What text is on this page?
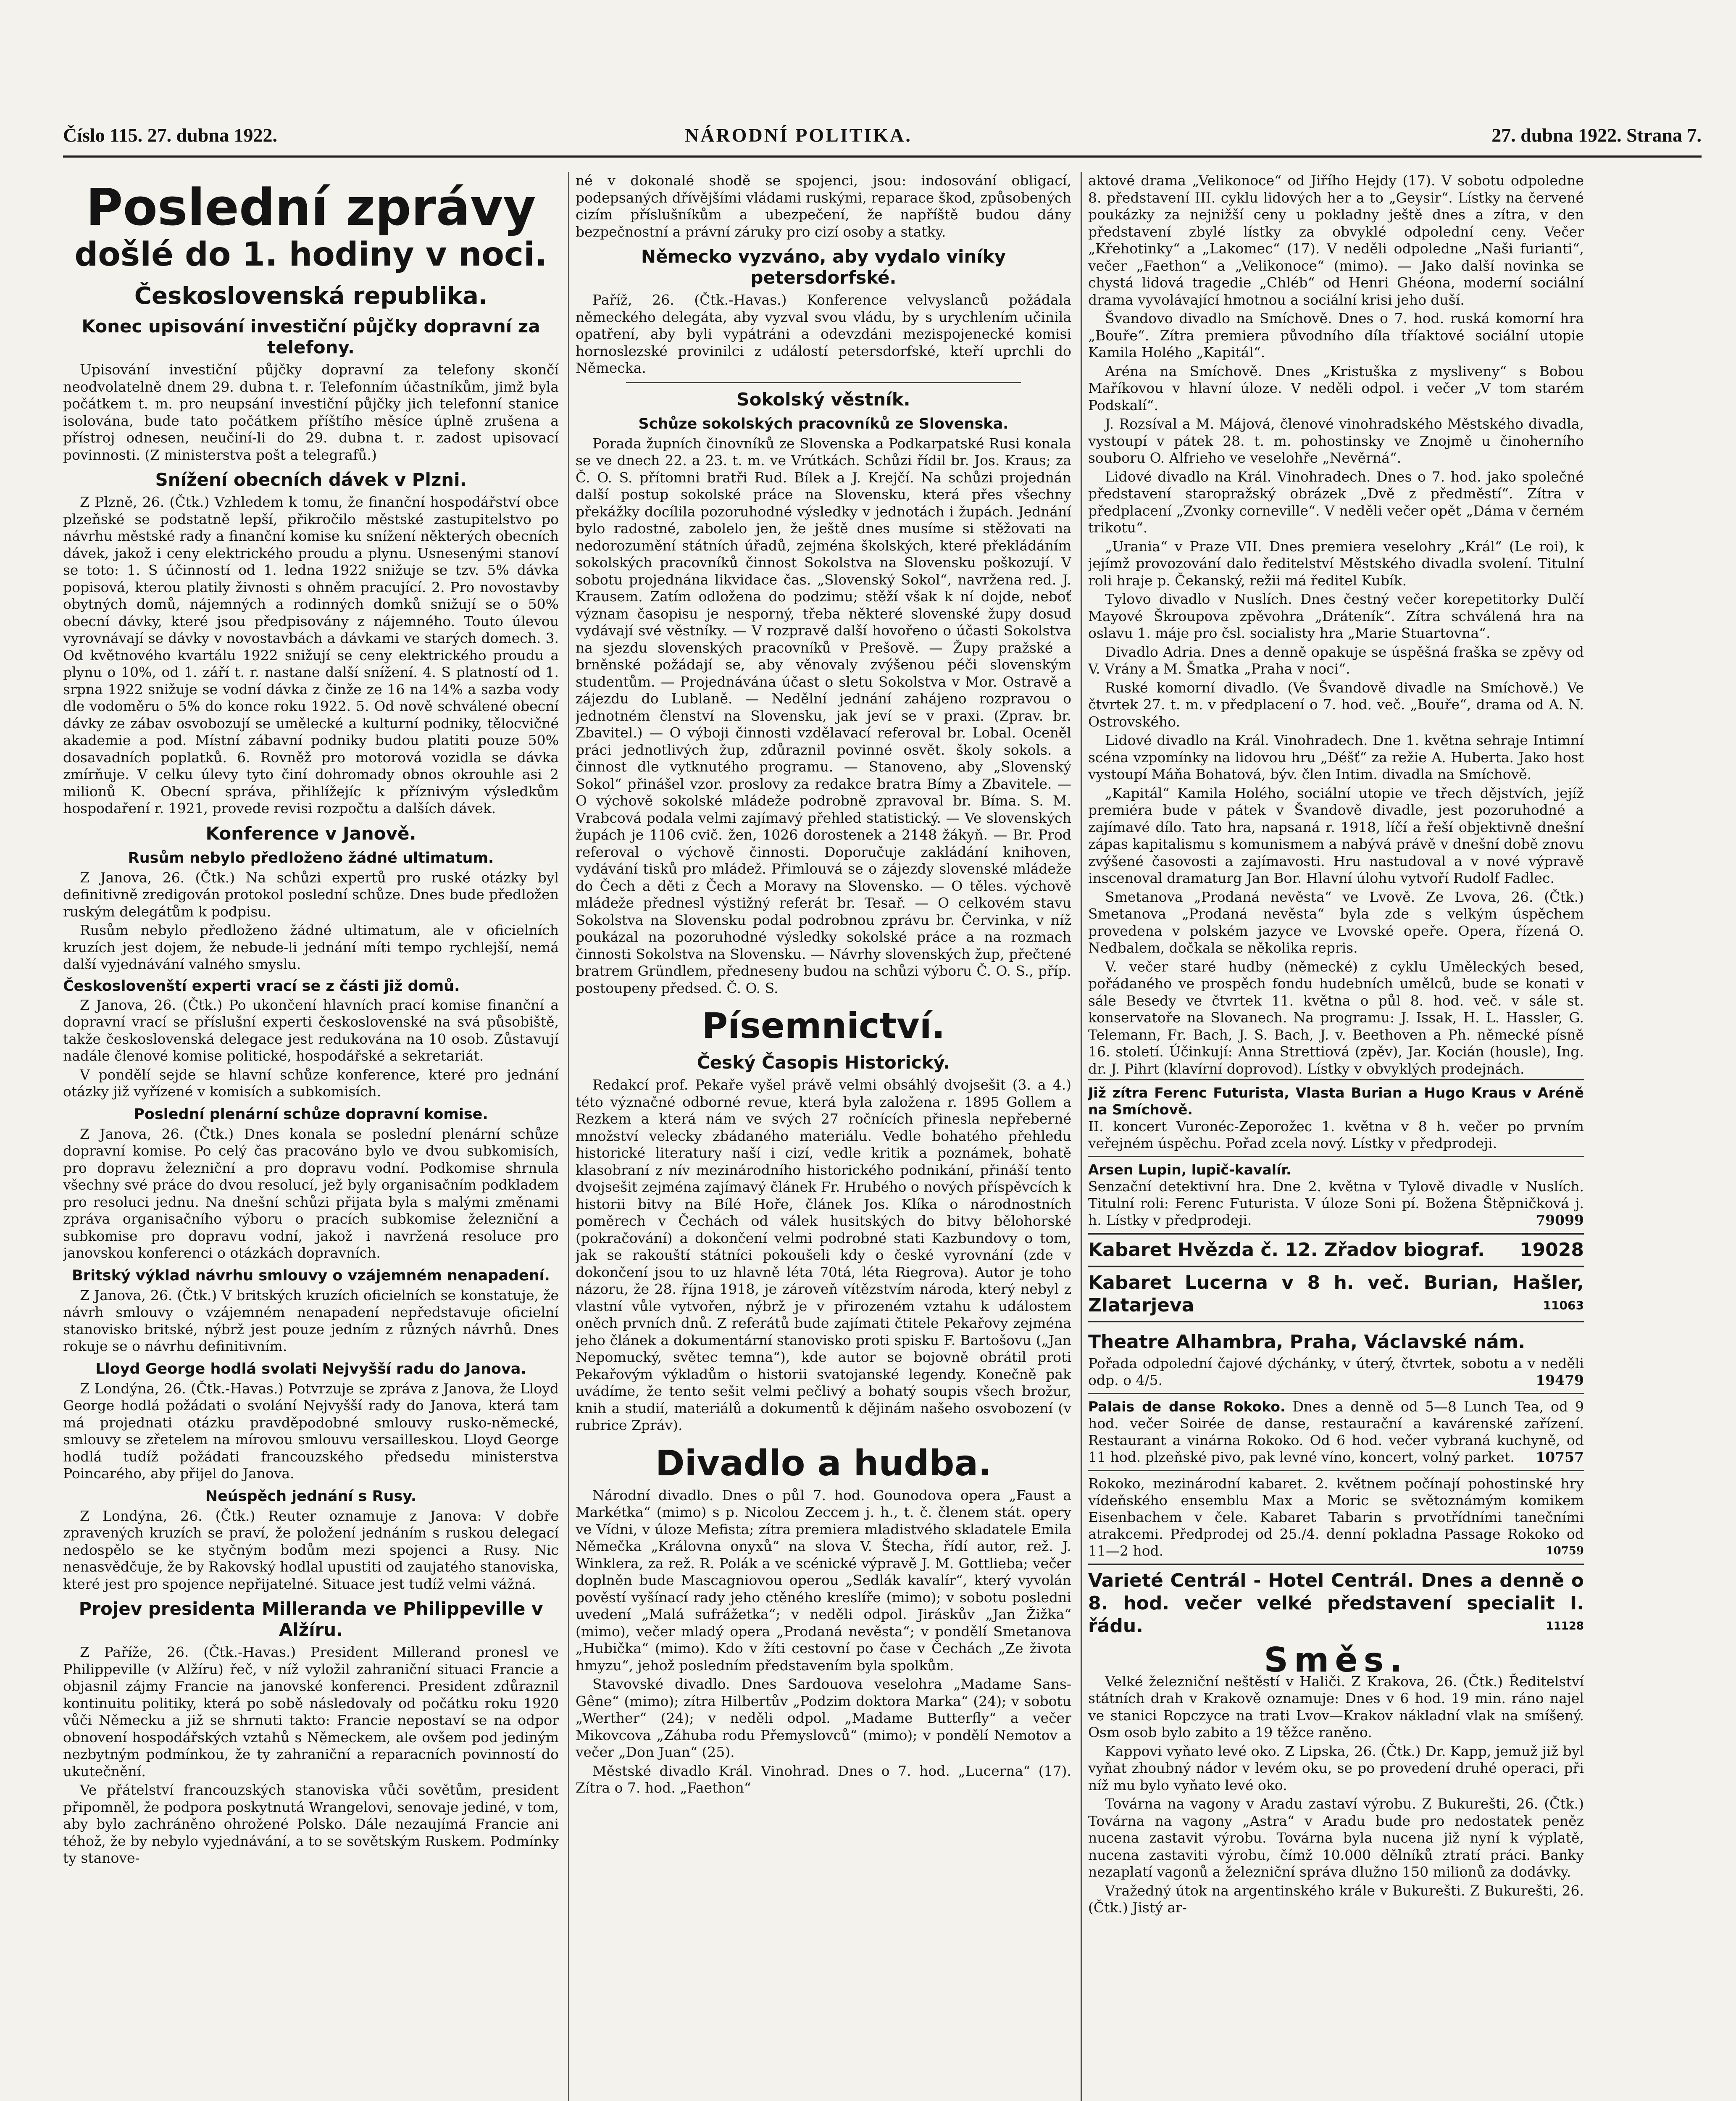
Číslo 115. 27. dubna 1922.	NÁRODNÍ POLITIKA.	27. dubna 1922. Strana 7.
Poslední zprávy
došlé do 1. hodiny v noci.
Československá republika.
Konec upisování investiční půjčky dopravní za telefony.

Upisování investiční půjčky dopravní za telefony skončí neodvolatelně dnem 29. dubna t. r. Telefonním účastníkům, jimž byla počátkem t. m. pro neupsání investiční půjčky jich telefonní stanice isolována, bude tato počátkem příštího měsíce úplně zrušena a přístroj odnesen, neučiní-li do 29. dubna t. r. zadost upisovací povinnosti. (Z ministerstva pošt a telegrafů.)

Snížení obecních dávek v Plzni.

Z Plzně, 26. (Čtk.) Vzhledem k tomu, že finanční hospodářství obce plzeňské se podstatně lepší, přikročilo městské zastupitelstvo po návrhu městské rady a finanční komise ku snížení některých obecních dávek, jakož i ceny elektrického proudu a plynu. Usnesenými stanoví se toto: 1. S účinností od 1. ledna 1922 snižuje se tzv. 5% dávka popisová, kterou platily živnosti s ohněm pracující. 2. Pro novostavby obytných domů, nájemných a rodinných domků snižují se o 50% obecní dávky, které jsou předpisovány z nájemného. Touto úlevou vyrovnávají se dávky v novostavbách a dávkami ve starých domech. 3. Od květnového kvartálu 1922 snižují se ceny elektrického proudu a plynu o 10%, od 1. září t. r. nastane další snížení. 4. S platností od 1. srpna 1922 snižuje se vodní dávka z činže ze 16 na 14% a sazba vody dle vodoměru o 5% do konce roku 1922. 5. Od nově schválené obecní dávky ze zábav osvobozují se umělecké a kulturní podniky, tělocvičné akademie a pod. Místní zábavní podniky budou platiti pouze 50% dosavadních poplatků. 6. Rovněž pro motorová vozidla se dávka zmírňuje. V celku úlevy tyto činí dohromady obnos okrouhle asi 2 milionů K. Obecní správa, přihlížejíc k příznivým výsledkům hospodaření r. 1921, provede revisi rozpočtu a dalších dávek.

Konference v Janově.
Rusům nebylo předloženo žádné ultimatum.

Z Janova, 26. (Čtk.) Na schůzi expertů pro ruské otázky byl definitivně zredigován protokol poslední schůze. Dnes bude předložen ruským delegátům k podpisu.

Rusům nebylo předloženo žádné ultimatum, ale v oficielních kruzích jest dojem, že nebude-li jednání míti tempo rychlejší, nemá další vyjednávání valného smyslu.

Českoslovenští experti vrací se z části již domů.

Z Janova, 26. (Čtk.) Po ukončení hlavních prací komise finanční a dopravní vrací se příslušní experti československé na svá působiště, takže československá delegace jest redukována na 10 osob. Zůstavují nadále členové komise politické, hospodářské a sekretariát.

V pondělí sejde se hlavní schůze konference, které pro jednání otázky již vyřízené v komisích a subkomisích.

Poslední plenární schůze dopravní komise.

Z Janova, 26. (Čtk.) Dnes konala se poslední plenární schůze dopravní komise. Po celý čas pracováno bylo ve dvou subkomisích, pro dopravu železniční a pro dopravu vodní. Podkomise shrnula všechny své práce do dvou resolucí, jež byly organisačním podkladem pro resoluci jednu. Na dnešní schůzi přijata byla s malými změnami zpráva organisačního výboru o pracích subkomise železniční a subkomise pro dopravu vodní, jakož i navržená resoluce pro janovskou konferenci o otázkách dopravních.

Britský výklad návrhu smlouvy o vzájemném nenapadení.

Z Janova, 26. (Čtk.) V britských kruzích oficielních se konstatuje, že návrh smlouvy o vzájemném nenapadení nepředstavuje oficielní stanovisko britské, nýbrž jest pouze jedním z různých návrhů. Dnes rokuje se o návrhu definitivním.

Lloyd George hodlá svolati Nejvyšší radu do Janova.

Z Londýna, 26. (Čtk.-Havas.) Potvrzuje se zpráva z Janova, že Lloyd George hodlá požádati o svolání Nejvyšší rady do Janova, která tam má projednati otázku pravděpodobné smlouvy rusko-německé, smlouvy se zřetelem na mírovou smlouvu versailleskou. Lloyd George hodlá tudíž požádati francouzského předsedu ministerstva Poincarého, aby přijel do Janova.

Neúspěch jednání s Rusy.

Z Londýna, 26. (Čtk.) Reuter oznamuje z Janova: V dobře zpravených kruzích se praví, že položení jednáním s ruskou delegací nedospělo se ke styčným bodům mezi spojenci a Rusy. Nic nenasvědčuje, že by Rakovský hodlal upustiti od zaujatého stanoviska, které jest pro spojence nepřijatelné. Situace jest tudíž velmi vážná.

Projev presidenta Milleranda ve Philippeville v Alžíru.

Z Paříže, 26. (Čtk.-Havas.) President Millerand pronesl ve Philippeville (v Alžíru) řeč, v níž vyložil zahraniční situaci Francie a objasnil zájmy Francie na janovské konferenci. President zdůraznil kontinuitu politiky, která po sobě následovaly od počátku roku 1920 vůči Německu a již se shrnuti takto: Francie nepostaví se na odpor obnovení hospodářských vztahů s Německem, ale ovšem pod jediným nezbytným podmínkou, že ty zahraniční a reparacních povinností do ukutečnění.

Ve přátelství francouzských stanoviska vůči sovětům, president připomněl, že podpora poskytnutá Wrangelovi, senovaje jediné, v tom, aby bylo zachráněno ohrožené Polsko. Dále nezaujímá Francie ani téhož, že by nebylo vyjednávání, a to se sovětským Ruskem. Podmínky ty stanove-

né v dokonalé shodě se spojenci, jsou: indosování obligací, podepsaných dřívějšími vládami ruskými, reparace škod, způsobených cizím příslušníkům a ubezpečení, že napříště budou dány bezpečnostní a právní záruky pro cizí osoby a statky.

Německo vyzváno, aby vydalo viníky petersdorfské.

Paříž, 26. (Čtk.-Havas.) Konference velvyslanců požádala německého delegáta, aby vyzval svou vládu, by s urychlením učinila opatření, aby byli vypátráni a odevzdáni mezispojenecké komisi hornoslezské provinilci z událostí petersdorfské, kteří uprchli do Německa.

Sokolský věstník.
Schůze sokolských pracovníků ze Slovenska.

Porada župních činovníků ze Slovenska a Podkarpatské Rusi konala se ve dnech 22. a 23. t. m. ve Vrútkách. Schůzi řídil br. Jos. Kraus; za Č. O. S. přítomni bratři Rud. Bílek a J. Krejčí. Na schůzi projednán další postup sokolské práce na Slovensku, která přes všechny překážky docílila pozoruhodné výsledky v jednotách i župách. Jednání bylo radostné, zabolelo jen, že ještě dnes musíme si stěžovati na nedorozumění státních úřadů, zejména školských, které překládáním sokolských pracovníků činnost Sokolstva na Slovensku poškozují. V sobotu projednána likvidace čas. „Slovenský Sokol“, navržena red. J. Krausem. Zatím odložena do podzimu; stěží však k ní dojde, neboť význam časopisu je nesporný, třeba některé slovenské župy dosud vydávají své věstníky. — V rozpravě další hovořeno o účasti Sokolstva na sjezdu slovenských pracovníků v Prešově. — Župy pražské a brněnské požádají se, aby věnovaly zvýšenou péči slovenským studentům. — Projednávána účast o sletu Sokolstva v Mor. Ostravě a zájezdu do Lublaně. — Nedělní jednání zahájeno rozpravou o jednotném členství na Slovensku, jak jeví se v praxi. (Zprav. br. Zbavitel.) — O výboji činnosti vzdělavací referoval br. Lobal. Oceněl práci jednotlivých žup, zdůraznil povinné osvět. školy sokols. a činnost dle vytknutého programu. — Stanoveno, aby „Slovenský Sokol“ přinášel vzor. proslovy za redakce bratra Bímy a Zbavitele. — O výchově sokolské mládeže podrobně zpravoval br. Bíma. S. M. Vrabcová podala velmi zajímavý přehled statistický. — Ve slovenských župách je 1106 cvič. žen, 1026 dorostenek a 2148 žákyň. — Br. Prod referoval o výchově činnosti. Doporučuje zakládání knihoven, vydávání tisků pro mládež. Přimlouvá se o zájezdy slovenské mládeže do Čech a děti z Čech a Moravy na Slovensko. — O těles. výchově mládeže přednesl výstižný referát br. Tesař. — O celkovém stavu Sokolstva na Slovensku podal podrobnou zprávu br. Červinka, v níž poukázal na pozoruhodné výsledky sokolské práce a na rozmach činnosti Sokolstva na Slovensku. — Návrhy slovenských žup, přečtené bratrem Gründlem, předneseny budou na schůzi výboru Č. O. S., příp. postoupeny předsed. Č. O. S.

Písemnictví.
Český Časopis Historický.

Redakcí prof. Pekaře vyšel právě velmi obsáhlý dvojsešit (3. a 4.) této význačné odborné revue, která byla založena r. 1895 Gollem a Rezkem a která nám ve svých 27 ročnících přinesla nepřeberné množství velecky zbádaného materiálu. Vedle bohatého přehledu historické literatury naší i cizí, vedle kritik a poznámek, bohatě klasobraní z nív mezinárodního historického podnikání, přináší tento dvojsešit zejména zajímavý článek Fr. Hrubého o nových příspěvcích k historii bitvy na Bílé Hoře, článek Jos. Klíka o národnostních poměrech v Čechách od válek husitských do bitvy bělohorské (pokračování) a dokončení velmi podrobné stati Kazbundovy o tom, jak se rakouští státníci pokoušeli kdy o české vyrovnání (zde v dokončení jsou to uz hlavně léta 70tá, léta Riegrova). Autor je toho názoru, že 28. října 1918, je zároveň vítězstvím národa, který nebyl z vlastní vůle vytvořen, nýbrž je v přirozeném vztahu k událostem oněch prvních dnů. Z referátů bude zajímati čtitele Pekařovy zejména jeho článek a dokumentární stanovisko proti spisku F. Bartošovu („Jan Nepomucký, světec temna“), kde autor se bojovně obrátil proti Pekařovým výkladům o historii svatojanské legendy. Konečně pak uvádíme, že tento sešit velmi pečlivý a bohatý soupis všech brožur, knih a studií, materiálů a dokumentů k dějinám našeho osvobození (v rubrice Zpráv).

Divadlo a hudba.

Národní divadlo. Dnes o půl 7. hod. Gounodova opera „Faust a Markétka“ (mimo) s p. Nicolou Zeccem j. h., t. č. členem stát. opery ve Vídni, v úloze Mefista; zítra premiera mladistvého skladatele Emila Němečka „Královna onyxů“ na slova V. Štecha, řídí autor, rež. J. Winklera, za rež. R. Polák a ve scénické výpravě J. M. Gottlieba; večer doplněn bude Mascagniovou operou „Sedlák kavalír“, který vyvolán pověstí vyšínací rady jeho ctěného kreslíře (mimo); v sobotu posledni uvedení „Malá sufrážetka“; v neděli odpol. Jiráskův „Jan Žižka“ (mimo), večer mladý opera „Prodaná nevěsta“; v pondělí Smetanova „Hubička“ (mimo). Kdo v žíti cestovní po čase v Čechách „Ze života hmyzu“, jehož posledním představením byla spolkům.

Stavovské divadlo. Dnes Sardouova veselohra „Madame Sans-Gêne“ (mimo); zítra Hilbertův „Podzim doktora Marka“ (24); v sobotu „Werther“ (24); v neděli odpol. „Madame Butterfly“ a večer Mikovcova „Záhuba rodu Přemyslovců“ (mimo); v pondělí Nemotov a večer „Don Juan“ (25).

Městské divadlo Král. Vinohrad. Dnes o 7. hod. „Lucerna“ (17). Zítra o 7. hod. „Faethon“

aktové drama „Velikonoce“ od Jiřího Hejdy (17). V sobotu odpoledne 8. představení III. cyklu lidových her a to „Geysir“. Lístky na červené poukázky za nejnižší ceny u pokladny ještě dnes a zítra, v den představení zbylé lístky za obvyklé odpolední ceny. Večer „Křehotinky“ a „Lakomec“ (17). V neděli odpoledne „Naši furianti“, večer „Faethon“ a „Velikonoce“ (mimo). — Jako další novinka se chystá lidová tragedie „Chléb“ od Henri Ghéona, moderní sociální drama vyvolávající hmotnou a sociální krisi jeho duší.

Švandovo divadlo na Smíchově. Dnes o 7. hod. ruská komorní hra „Bouře“. Zítra premiera původního díla tříaktové sociální utopie Kamila Holého „Kapitál“.

Aréna na Smíchově. Dnes „Kristuška z mysliveny“ s Bobou Maříkovou v hlavní úloze. V neděli odpol. i večer „V tom starém Podskalí“.

J. Rozsíval a M. Májová, členové vinohradského Městského divadla, vystoupí v pátek 28. t. m. pohostinsky ve Znojmě u činoherního souboru O. Alfrieho ve veselohře „Nevěrná“.

Lidové divadlo na Král. Vinohradech. Dnes o 7. hod. jako společné představení staropražský obrázek „Dvě z předměstí“. Zítra v předplacení „Zvonky corneville“. V neděli večer opět „Dáma v černém trikotu“.

„Urania“ v Praze VII. Dnes premiera veselohry „Král“ (Le roi), k jejímž provozování dalo ředitelství Městského divadla svolení. Titulní roli hraje p. Čekanský, režii má ředitel Kubík.

Tylovo divadlo v Nuslích. Dnes čestný večer korepetitorky Dulčí Mayové Škroupova zpěvohra „Dráteník“. Zítra schválená hra na oslavu 1. máje pro čsl. socialisty hra „Marie Stuartovna“.

Divadlo Adria. Dnes a denně opakuje se úspěšná fraška se zpěvy od V. Vrány a M. Šmatka „Praha v noci“.

Ruské komorní divadlo. (Ve Švandově divadle na Smíchově.) Ve čtvrtek 27. t. m. v předplacení o 7. hod. več. „Bouře“, drama od A. N. Ostrovského.

Lidové divadlo na Král. Vinohradech. Dne 1. května sehraje Intimní scéna vzpomínky na lidovou hru „Déšť“ za režie A. Huberta. Jako host vystoupí Máňa Bohatová, býv. člen Intim. divadla na Smíchově.

„Kapitál“ Kamila Holého, sociální utopie ve třech dějstvích, jejíž premiéra bude v pátek v Švandově divadle, jest pozoruhodné a zajímavé dílo. Tato hra, napsaná r. 1918, líčí a řeší objektivně dnešní zápas kapitalismu s komunismem a nabývá právě v dnešní době znovu zvýšené časovosti a zajímavosti. Hru nastudoval a v nové výpravě inscenoval dramaturg Jan Bor. Hlavní úlohu vytvoří Rudolf Fadlec.

Smetanova „Prodaná nevěsta“ ve Lvově. Ze Lvova, 26. (Čtk.) Smetanova „Prodaná nevěsta“ byla zde s velkým úspěchem provedena v polském jazyce ve Lvovské opeře. Opera, řízená O. Nedbalem, dočkala se několika repris.

V. večer staré hudby (německé) z cyklu Uměleckých besed, pořádaného ve prospěch fondu hudebních umělců, bude se konati v sále Besedy ve čtvrtek 11. května o půl 8. hod. več. v sále st. konservatoře na Slovanech. Na programu: J. Issak, H. L. Hassler, G. Telemann, Fr. Bach, J. S. Bach, J. v. Beethoven a Ph. německé písně 16. století. Účinkují: Anna Strettiová (zpěv), Jar. Kocián (housle), Ing. dr. J. Pihrt (klavírní doprovod). Lístky v obvyklých prodejnách.

Již zítra Ferenc Futurista, Vlasta Burian a Hugo Kraus v Aréně na Smíchově.
II. koncert Vuronéc-Zeporožec 1. května v 8 h. večer po prvním veřejném úspěchu. Pořad zcela nový. Lístky v předprodeji.
Arsen Lupin, lupič-kavalír.
Senzační detektivní hra. Dne 2. května v Tylově divadle v Nuslích. Titulní roli: Ferenc Futurista. V úloze Soni pí. Božena Štěpničková j. h. Lístky v předprodeji.	79099
Kabaret Hvězda č. 12. Zřadov biograf. 19028
Kabaret Lucerna v 8 h. več. Burian, Hašler, Zlatarjeva	11063
Theatre Alhambra, Praha, Václavské nám.
Pořada odpolední čajové dýchánky, v úterý, čtvrtek, sobotu a v neděli odp. o 4/5.	19479
Palais de danse Rokoko. Dnes a denně od 5—8 Lunch Tea, od 9 hod. večer Soirée de danse, restaurační a kavárenské zařízení. Restaurant a vinárna Rokoko. Od 6 hod. večer vybraná kuchyně, od 11 hod. plzeňské pivo, pak levné víno, koncert, volný parket. 10757
Rokoko, mezinárodní kabaret. 2. květnem počínají pohostinské hry vídeňského ensemblu Max a Moric se světoznámým komikem Eisenbachem v čele. Kabaret Tabarin s prvotřídními tanečními atrakcemi. Předprodej od 25./4. denní pokladna Passage Rokoko od 11—2 hod.	10759
Varieté Centrál - Hotel Centrál. Dnes a denně o 8. hod. večer velké představení specialit I. řádu.	11128
Směs.

Velké železniční neštěstí v Haliči. Z Krakova, 26. (Čtk.) Ředitelství státních drah v Krakově oznamuje: Dnes v 6 hod. 19 min. ráno najel ve stanici Ropczyce na trati Lvov—Krakov nákladní vlak na smíšený. Osm osob bylo zabito a 19 těžce raněno.

Kappovi vyňato levé oko. Z Lipska, 26. (Čtk.) Dr. Kapp, jemuž již byl vyňat zhoubný nádor v levém oku, se po provedení druhé operaci, při níž mu bylo vyňato levé oko.

Továrna na vagony v Aradu zastaví výrobu. Z Bukurešti, 26. (Čtk.) Továrna na vagony „Astra“ v Aradu bude pro nedostatek peněz nucena zastavit výrobu. Továrna byla nucena již nyní k výplatě, nucena zastaviti výrobu, čímž 10.000 dělníků ztratí práci. Banky nezaplatí vagonů a železniční správa dlužno 150 milionů za dodávky.

Vražedný útok na argentinského krále v Bukurešti. Z Bukurešti, 26. (Čtk.) Jistý ar-
